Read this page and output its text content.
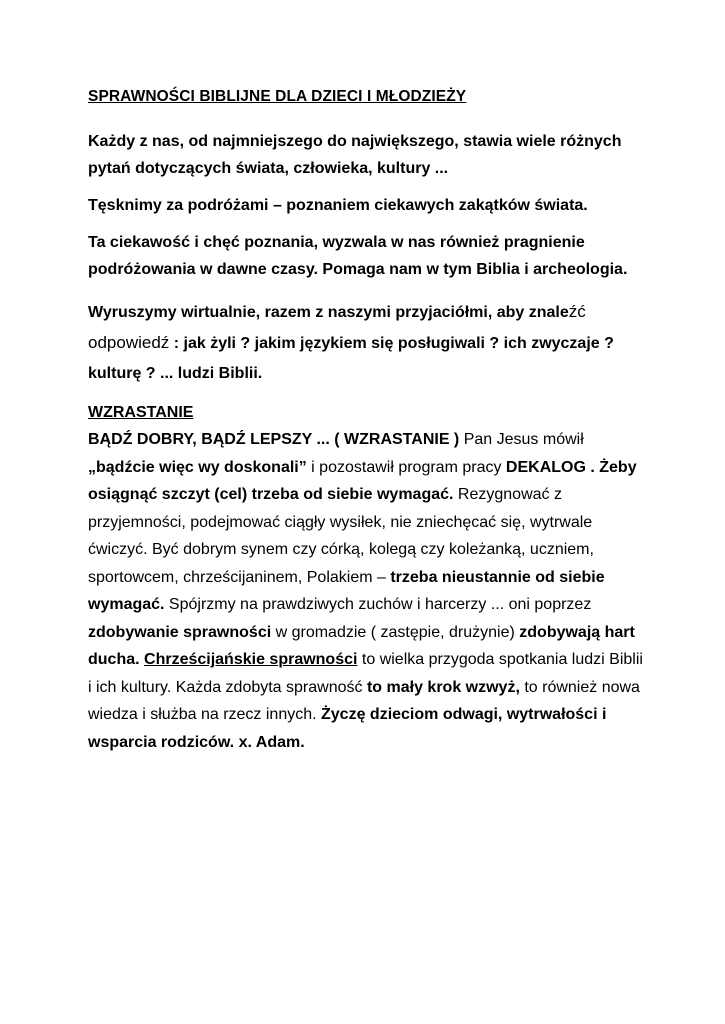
SPRAWNOŚCI BIBLIJNE DLA DZIECI I MŁODZIEŻY

Każdy z nas, od najmniejszego do największego, stawia wiele różnych pytań dotyczących świata, człowieka, kultury ...

Tęsknimy za podróżami – poznaniem ciekawych zakątków świata.

Ta ciekawość i chęć poznania, wyzwala w nas również pragnienie podróżowania w dawne czasy. Pomaga nam w tym Biblia i archeologia.

Wyruszymy wirtualnie, razem z naszymi przyjaciółmi, aby znaleźć odpowiedź : jak żyli ? jakim językiem się posługiwali ? ich zwyczaje ? kulturę ? ... ludzi Biblii.

WZRASTANIE

BĄDŹ DOBRY, BĄDŹ LEPSZY ... ( WZRASTANIE ) Pan Jesus mówił „bądźcie więc wy doskonali” i pozostawił program pracy DEKALOG . Żeby osiągnąć szczyt (cel) trzeba od siebie wymagać. Rezygnować z przyjemności, podejmować ciągły wysiłek, nie zniechęcać się, wytrwale ćwiczyć. Być dobrym synem czy córką, kolegą czy koleżanką, uczniem, sportowcem, chrześcijaninem, Polakiem – trzeba nieustannie od siebie wymagać. Spójrzmy na prawdziwych zuchów i harcerzy ... oni poprzez zdobywanie sprawności w gromadzie ( zastępie, drużynie) zdobywają hart ducha. Chrześcijańskie sprawności to wielka przygoda spotkania ludzi Biblii i ich kultury. Każda zdobyta sprawność to mały krok wzwyż, to również nowa wiedza i służba na rzecz innych. Życzę dzieciom odwagi, wytrwałości i wsparcia rodziców. x. Adam.
